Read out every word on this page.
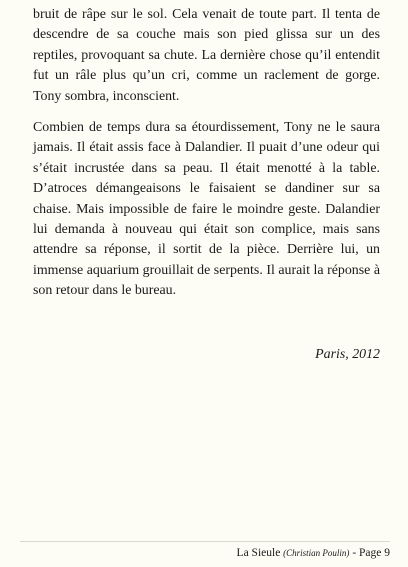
bruit de râpe sur le sol. Cela venait de toute part. Il tenta de descendre de sa couche mais son pied glissa sur un des reptiles, provoquant sa chute. La dernière chose qu’il entendit fut un râle plus qu’un cri, comme un raclement de gorge. Tony sombra, inconscient.

Combien de temps dura sa étourdissement, Tony ne le saura jamais. Il était assis face à Dalandier. Il puait d’une odeur qui s’était incrustée dans sa peau. Il était menotté à la table. D’atroces démangeaisons le faisaient se dandiner sur sa chaise. Mais impossible de faire le moindre geste. Dalandier lui demanda à nouveau qui était son complice, mais sans attendre sa réponse, il sortit de la pièce. Derrière lui, un immense aquarium grouillait de serpents. Il aurait la réponse à son retour dans le bureau.

Paris, 2012
La Sieule (Christian Poulin) - Page 9
